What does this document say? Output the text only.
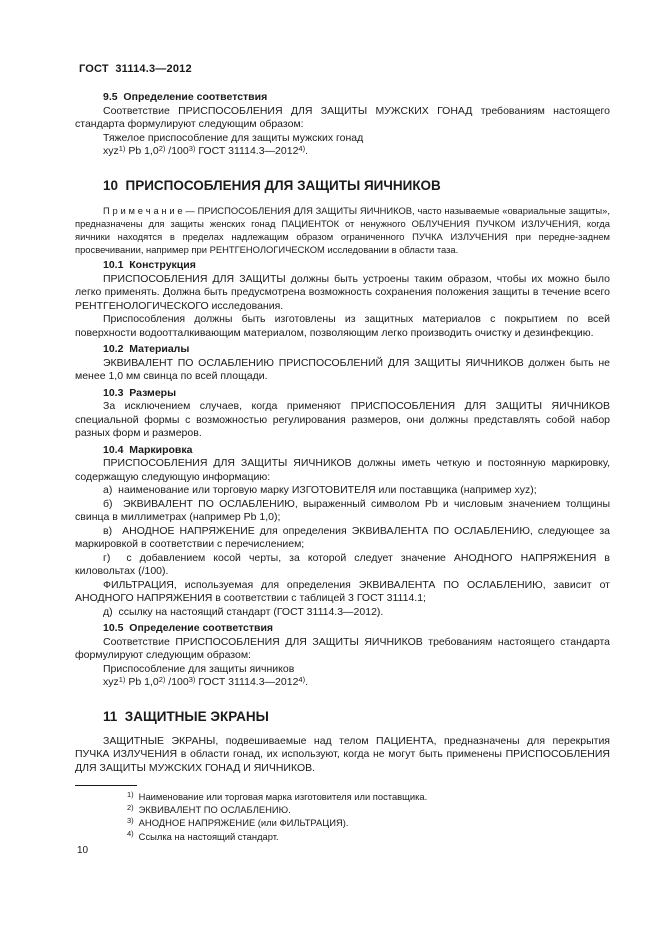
ГОСТ  31114.3—2012
9.5  Определение соответствия

Соответствие ПРИСПОСОБЛЕНИЯ ДЛЯ ЗАЩИТЫ МУЖСКИХ ГОНАД требованиям настоящего стандарта формулируют следующим образом:

Тяжелое приспособление для защиты мужских гонад

xyz$^{1)}$ Pb 1,0$^{2)}$ /100$^{3)}$ ГОСТ 31114.3—2012$^{4)}$.

10  ПРИСПОСОБЛЕНИЯ ДЛЯ ЗАЩИТЫ ЯИЧНИКОВ

П р и м е ч а н и е — ПРИСПОСОБЛЕНИЯ ДЛЯ ЗАЩИТЫ ЯИЧНИКОВ, часто называемые «овариальные защиты», предназначены для защиты женских гонад ПАЦИЕНТОК от ненужного ОБЛУЧЕНИЯ ПУЧКОМ ИЗЛУЧЕНИЯ, когда яичники находятся в пределах надлежащим образом ограниченного ПУЧКА ИЗЛУЧЕНИЯ при передне-заднем просвечивании, например при РЕНТГЕНОЛОГИЧЕСКОМ исследовании в области таза.

10.1  Конструкция

ПРИСПОСОБЛЕНИЯ ДЛЯ ЗАЩИТЫ должны быть устроены таким образом, чтобы их можно было легко применять. Должна быть предусмотрена возможность сохранения положения защиты в течение всего РЕНТГЕНОЛОГИЧЕСКОГО исследования.

Приспособления должны быть изготовлены из защитных материалов с покрытием по всей поверхности водоотталкивающим материалом, позволяющим легко производить очистку и дезинфекцию.

10.2  Материалы

ЭКВИВАЛЕНТ ПО ОСЛАБЛЕНИЮ ПРИСПОСОБЛЕНИЙ ДЛЯ ЗАЩИТЫ ЯИЧНИКОВ должен быть не менее 1,0 мм свинца по всей площади.

10.3  Размеры

За исключением случаев, когда применяют ПРИСПОСОБЛЕНИЯ ДЛЯ ЗАЩИТЫ ЯИЧНИКОВ специальной формы с возможностью регулирования размеров, они должны представлять собой набор разных форм и размеров.

10.4  Маркировка

ПРИСПОСОБЛЕНИЯ ДЛЯ ЗАЩИТЫ ЯИЧНИКОВ должны иметь четкую и постоянную маркировку, содержащую следующую информацию:

а)  наименование или торговую марку ИЗГОТОВИТЕЛЯ или поставщика (например xyz);

б)  ЭКВИВАЛЕНТ ПО ОСЛАБЛЕНИЮ, выраженный символом Pb и числовым значением толщины свинца в миллиметрах (например Pb 1,0);

в)  АНОДНОЕ НАПРЯЖЕНИЕ для определения ЭКВИВАЛЕНТА ПО ОСЛАБЛЕНИЮ, следующее за маркировкой в соответствии с перечислением;

г)  с добавлением косой черты, за которой следует значение АНОДНОГО НАПРЯЖЕНИЯ в киловольтах (/100).

ФИЛЬТРАЦИЯ, используемая для определения ЭКВИВАЛЕНТА ПО ОСЛАБЛЕНИЮ, зависит от АНОДНОГО НАПРЯЖЕНИЯ в соответствии с таблицей 3 ГОСТ 31114.1;

д)  ссылку на настоящий стандарт (ГОСТ 31114.3—2012).

10.5  Определение соответствия

Соответствие ПРИСПОСОБЛЕНИЯ ДЛЯ ЗАЩИТЫ ЯИЧНИКОВ требованиям настоящего стандарта формулируют следующим образом:

Приспособление для защиты яичников

xyz$^{1)}$ Pb 1,0$^{2)}$ /100$^{3)}$ ГОСТ 31114.3—2012$^{4)}$.

11  ЗАЩИТНЫЕ ЭКРАНЫ

ЗАЩИТНЫЕ ЭКРАНЫ, подвешиваемые над телом ПАЦИЕНТА, предназначены для перекрытия ПУЧКА ИЗЛУЧЕНИЯ в области гонад, их используют, когда не могут быть применены ПРИСПОСОБЛЕНИЯ ДЛЯ ЗАЩИТЫ МУЖСКИХ ГОНАД И ЯИЧНИКОВ.

$^{1)}$ Наименование или торговая марка изготовителя или поставщика.

$^{2)}$ ЭКВИВАЛЕНТ ПО ОСЛАБЛЕНИЮ.

$^{3)}$ АНОДНОЕ НАПРЯЖЕНИЕ (или ФИЛЬТРАЦИЯ).

$^{4)}$ Ссылка на настоящий стандарт.

10
